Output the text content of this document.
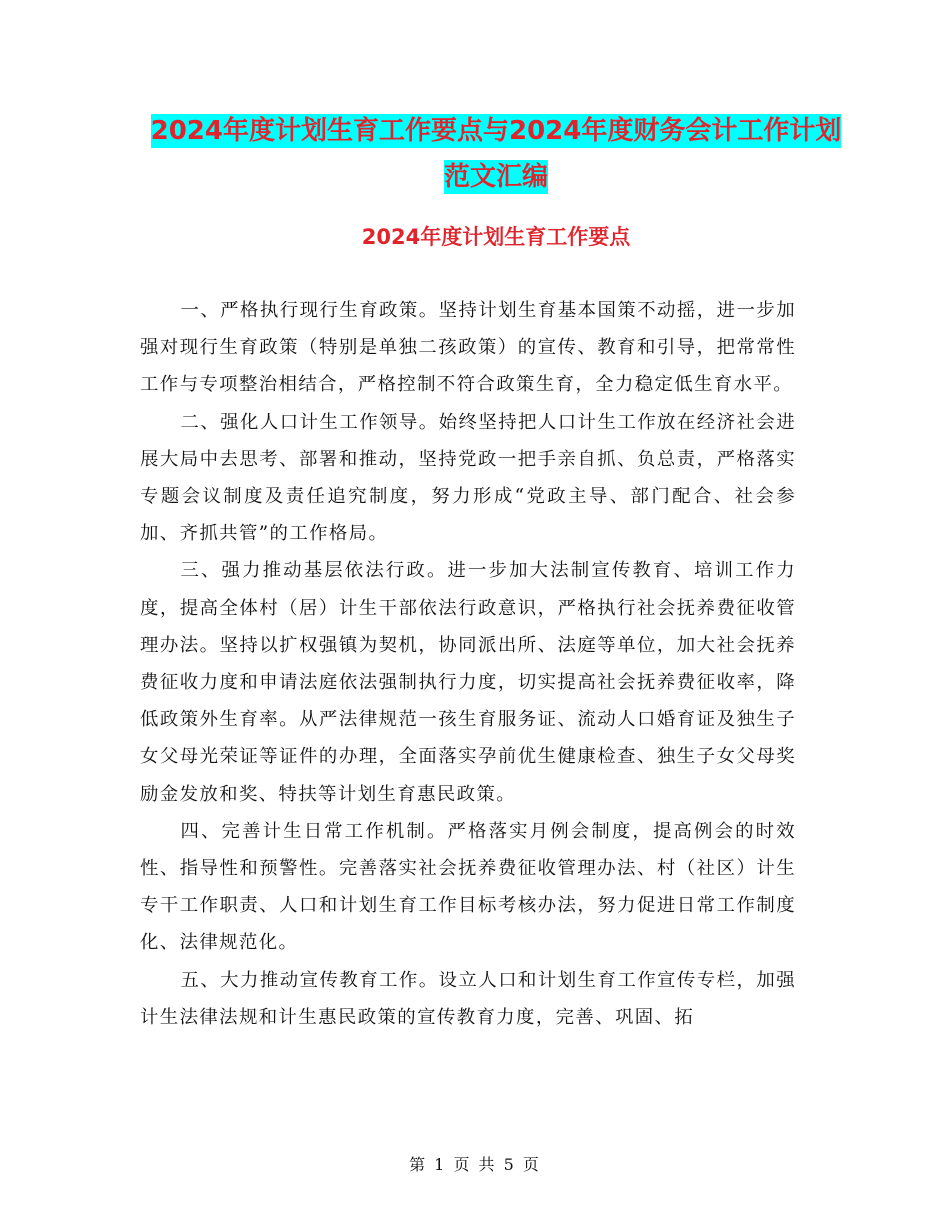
2024年度计划生育工作要点与2024年度财务会计工作计划范文汇编
2024年度计划生育工作要点

一、严格执行现行生育政策。坚持计划生育基本国策不动摇，进一步加强对现行生育政策（特别是单独二孩政策）的宣传、教育和引导，把常常性工作与专项整治相结合，严格控制不符合政策生育，全力稳定低生育水平。

二、强化人口计生工作领导。始终坚持把人口计生工作放在经济社会进展大局中去思考、部署和推动，坚持党政一把手亲自抓、负总责，严格落实专题会议制度及责任追究制度，努力形成“党政主导、部门配合、社会参加、齐抓共管”的工作格局。

三、强力推动基层依法行政。进一步加大法制宣传教育、培训工作力度，提高全体村（居）计生干部依法行政意识，严格执行社会抚养费征收管理办法。坚持以扩权强镇为契机，协同派出所、法庭等单位，加大社会抚养费征收力度和申请法庭依法强制执行力度，切实提高社会抚养费征收率，降低政策外生育率。从严法律规范一孩生育服务证、流动人口婚育证及独生子女父母光荣证等证件的办理，全面落实孕前优生健康检查、独生子女父母奖励金发放和奖、特扶等计划生育惠民政策。

四、完善计生日常工作机制。严格落实月例会制度，提高例会的时效性、指导性和预警性。完善落实社会抚养费征收管理办法、村（社区）计生专干工作职责、人口和计划生育工作目标考核办法，努力促进日常工作制度化、法律规范化。

五、大力推动宣传教育工作。设立人口和计划生育工作宣传专栏，加强计生法律法规和计生惠民政策的宣传教育力度，完善、巩固、拓

第 1 页 共 5 页
